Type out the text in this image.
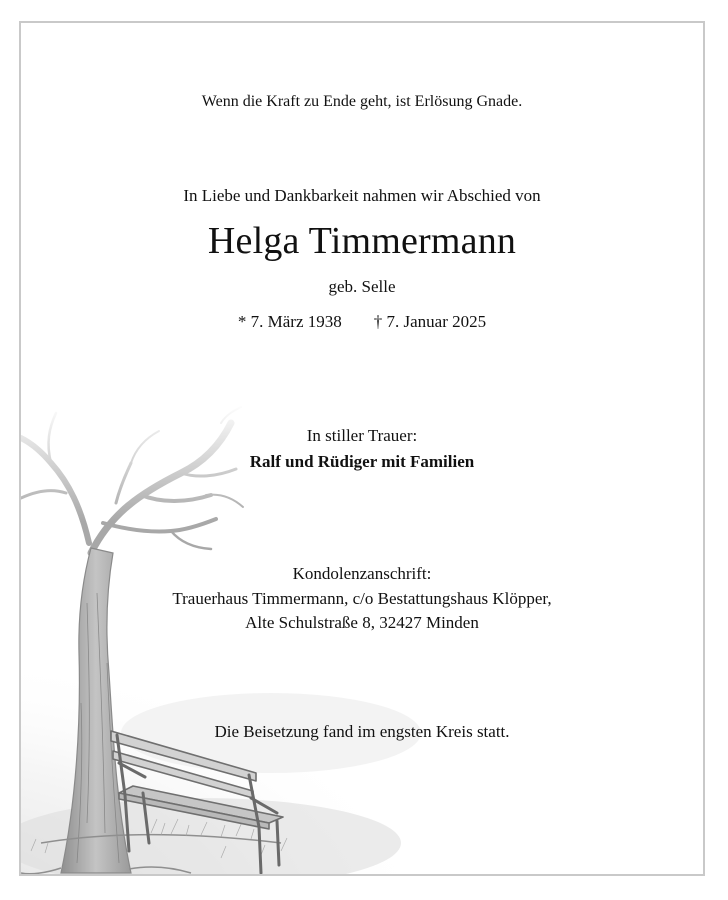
Wenn die Kraft zu Ende geht, ist Erlösung Gnade.
In Liebe und Dankbarkeit nahmen wir Abschied von
Helga Timmermann
geb. Selle
* 7. März 1938 † 7. Januar 2025
In stiller Trauer:
Ralf und Rüdiger mit Familien
Kondolenzanschrift:
Trauerhaus Timmermann, c/o Bestattungshaus Klöpper,
Alte Schulstraße 8, 32427 Minden
Die Beisetzung fand im engsten Kreis statt.
